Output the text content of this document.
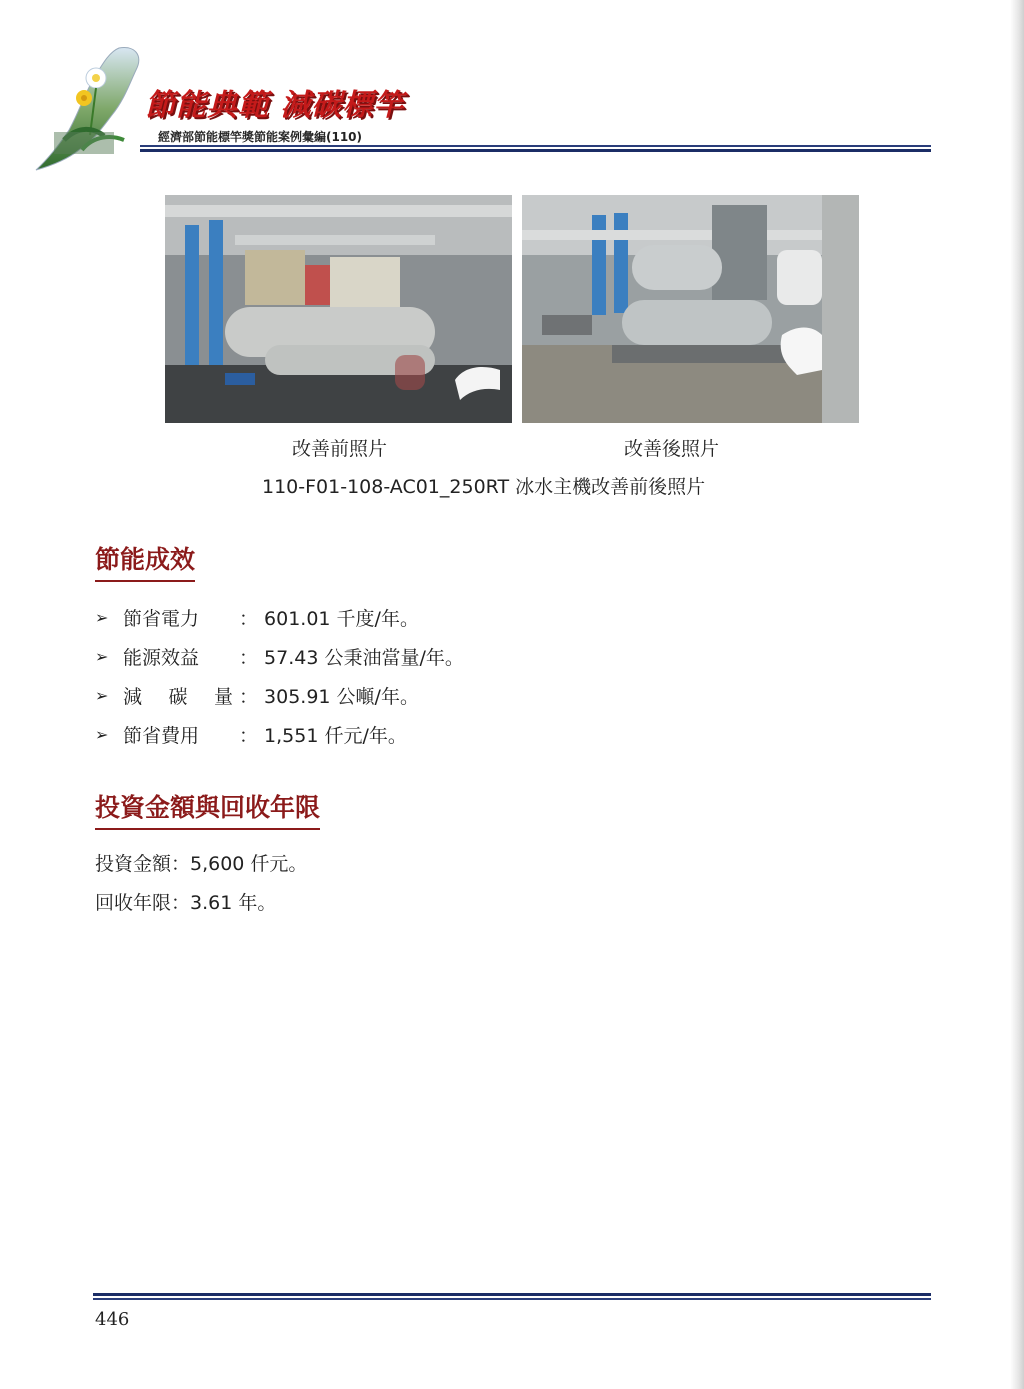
節能典範 減碳標竿
經濟部節能標竿獎節能案例彙編(110)
改善前照片	改善後照片
110-F01-108-AC01_250RT 冰水主機改善前後照片
節能成效
➢ 節省電力	： 601.01 千度/年。
➢ 能源效益	： 57.43 公秉油當量/年。
➢ 減 碳 量 ： 305.91 公噸/年。
➢ 節省費用	： 1,551 仟元/年。
投資金額與回收年限
投資金額：5,600 仟元。
回收年限：3.61 年。
446
